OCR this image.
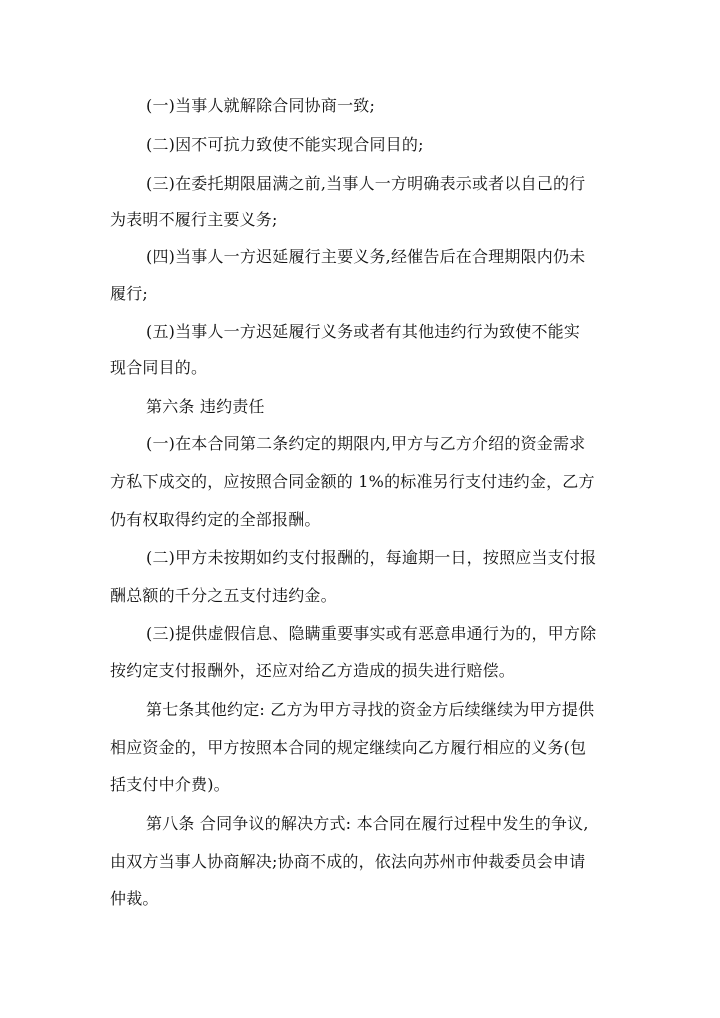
(一)当事人就解除合同协商一致;
(二)因不可抗力致使不能实现合同目的;
(三)在委托期限届满之前,当事人一方明确表示或者以自己的行
为表明不履行主要义务;
(四)当事人一方迟延履行主要义务,经催告后在合理期限内仍未
履行;
(五)当事人一方迟延履行义务或者有其他违约行为致使不能实
现合同目的。
第六条 违约责任
(一)在本合同第二条约定的期限内,甲方与乙方介绍的资金需求
方私下成交的，应按照合同金额的 1%的标准另行支付违约金，乙方
仍有权取得约定的全部报酬。
(二)甲方未按期如约支付报酬的，每逾期一日，按照应当支付报
酬总额的千分之五支付违约金。
(三)提供虚假信息、隐瞒重要事实或有恶意串通行为的，甲方除
按约定支付报酬外，还应对给乙方造成的损失进行赔偿。
第七条其他约定: 乙方为甲方寻找的资金方后续继续为甲方提供
相应资金的，甲方按照本合同的规定继续向乙方履行相应的义务(包
括支付中介费)。
第八条 合同争议的解决方式: 本合同在履行过程中发生的争议,
由双方当事人协商解决;协商不成的，依法向苏州市仲裁委员会申请
仲裁。
